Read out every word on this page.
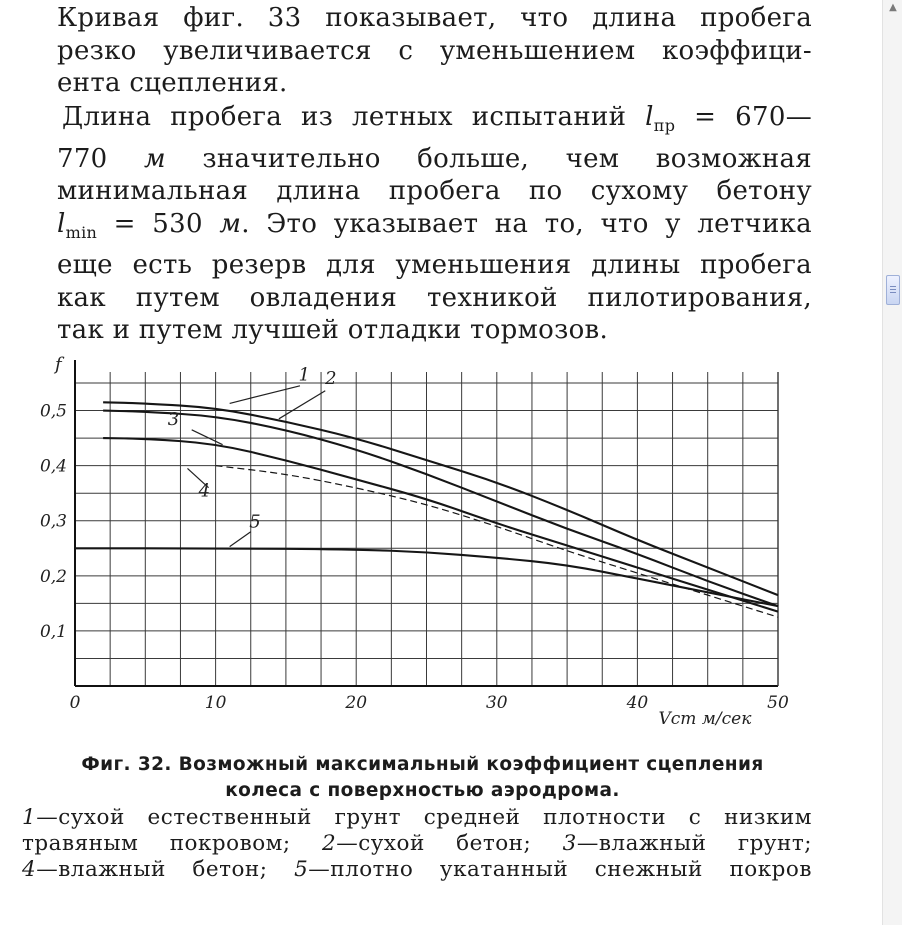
Кривая фиг. 33 показывает, что длина пробега
резко увеличивается с уменьшением коэффици-
ента сцепления.

Длина пробега из летных испытаний $l_{пр}$ = 670—
770 м значительно больше, чем возможная
минимальная длина пробега по сухому бетону
$l_{min} = 530$ м. Это указывает на то, что у летчика
еще есть резерв для уменьшения длины пробега
как путем овладения техникой пилотирования,
так и путем лучшей отладки тормозов.

0	10	20	30	40	50
0,1
0,2
0,3
0,4
0,5
f
Vст м/сек
1 2
3
4
5
Фиг. 32. Возможный максимальный коэффициент сцепления
колеса с поверхностью аэродрома.

1—сухой естественный грунт средней плотности с низким
травяным покровом; 2—сухой бетон; 3—влажный грунт;
4—влажный бетон; 5—плотно укатанный снежный покров

▲
